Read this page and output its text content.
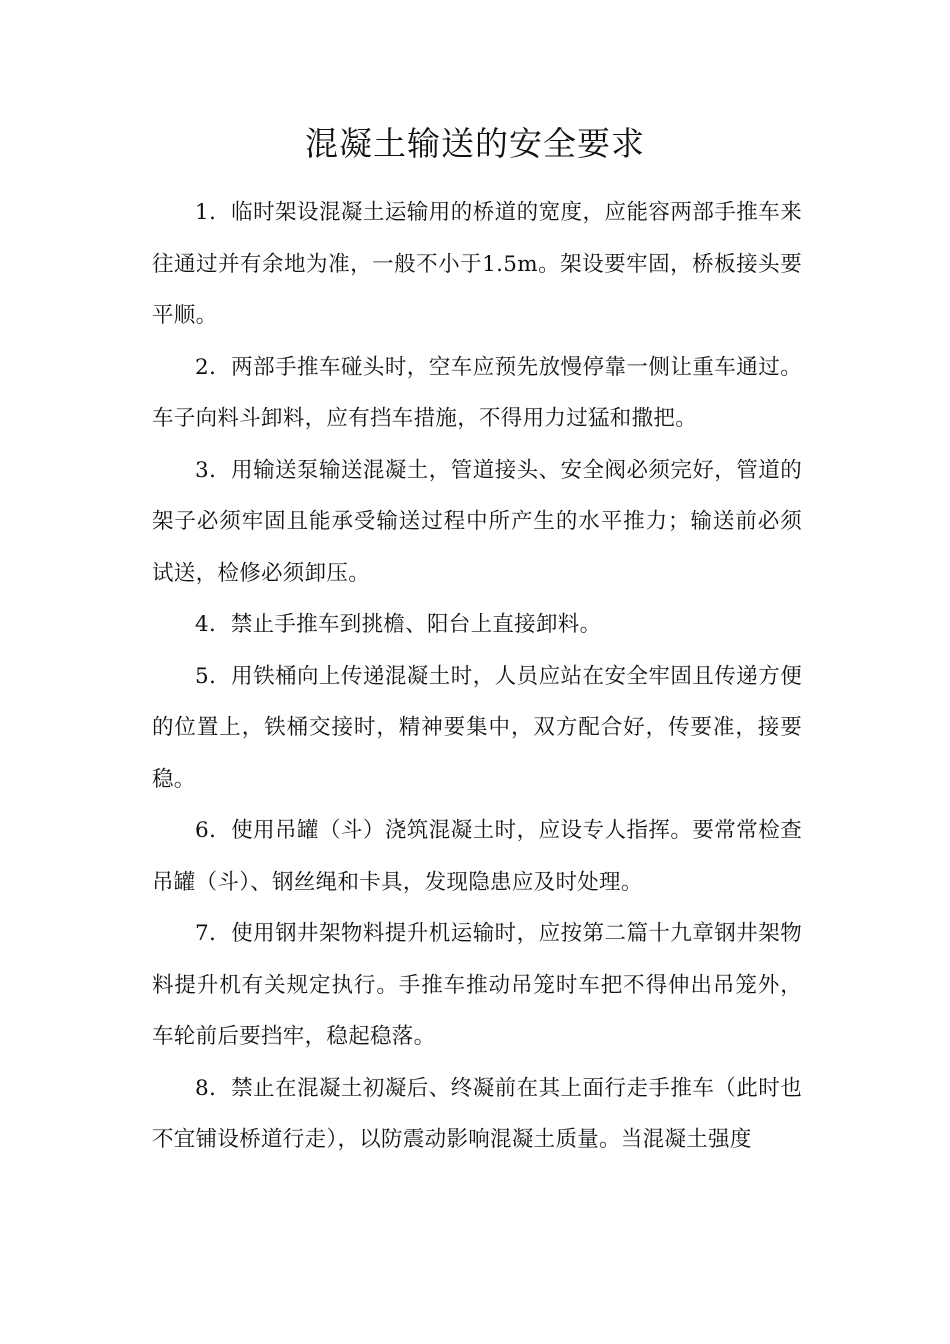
混凝土输送的安全要求

1．临时架设混凝土运输用的桥道的宽度，应能容两部手推车来往通过并有余地为准，一般不小于1.5m。架设要牢固，桥板接头要平顺。

2．两部手推车碰头时，空车应预先放慢停靠一侧让重车通过。车子向料斗卸料，应有挡车措施，不得用力过猛和撒把。

3．用输送泵输送混凝土，管道接头、安全阀必须完好，管道的架子必须牢固且能承受输送过程中所产生的水平推力；输送前必须试送，检修必须卸压。

4．禁止手推车到挑檐、阳台上直接卸料。

5．用铁桶向上传递混凝土时，人员应站在安全牢固且传递方便的位置上，铁桶交接时，精神要集中，双方配合好，传要准，接要稳。

6．使用吊罐（斗）浇筑混凝土时，应设专人指挥。要常常检查吊罐（斗）、钢丝绳和卡具，发现隐患应及时处理。

7．使用钢井架物料提升机运输时，应按第二篇十九章钢井架物料提升机有关规定执行。手推车推动吊笼时车把不得伸出吊笼外，车轮前后要挡牢，稳起稳落。

8．禁止在混凝土初凝后、终凝前在其上面行走手推车（此时也不宜铺设桥道行走），以防震动影响混凝土质量。当混凝土强度
